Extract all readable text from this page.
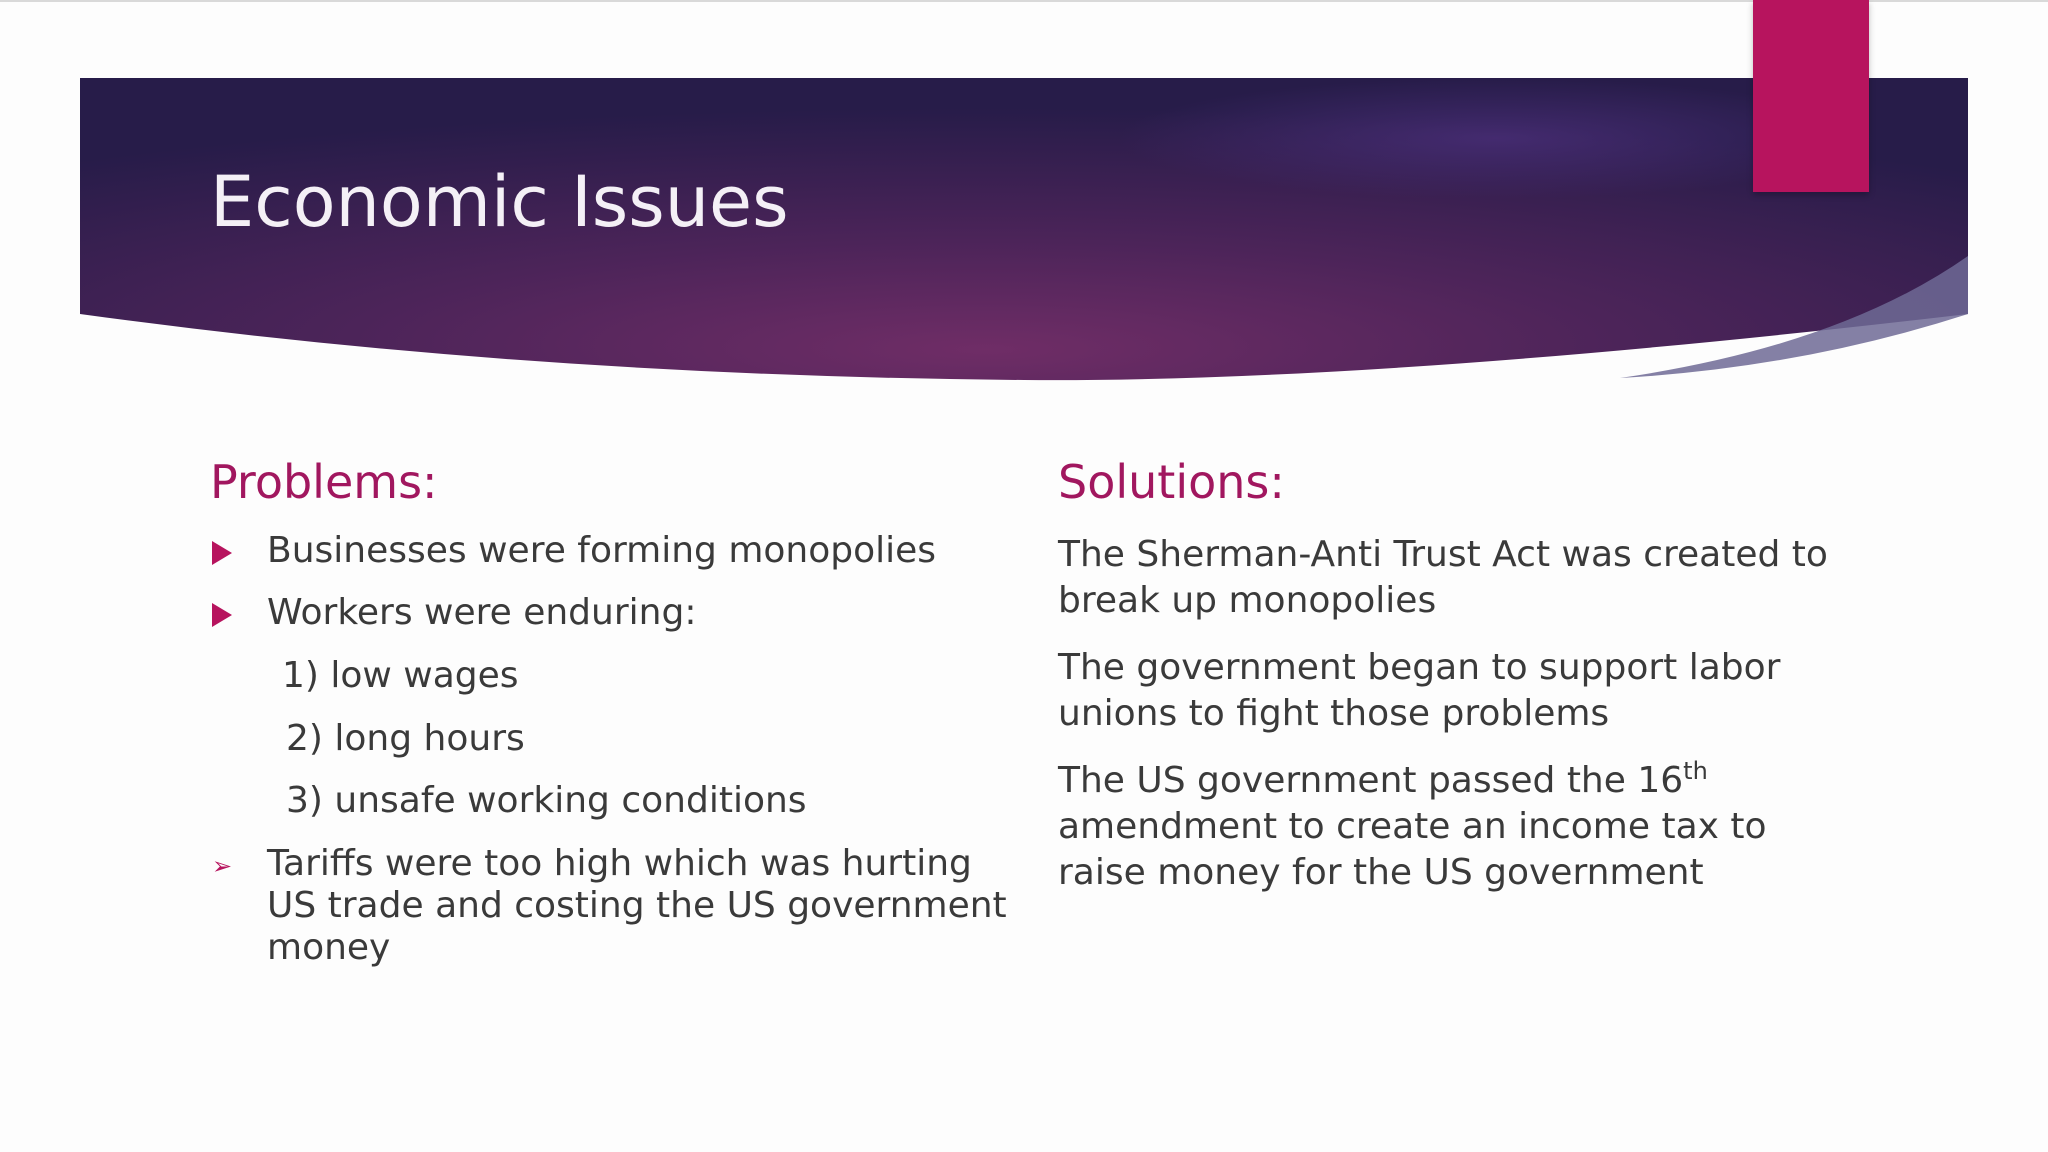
Economic Issues
Problems:
Businesses were forming monopolies
Workers were enduring:
1) low wages
2) long hours
3) unsafe working conditions
➢ Tariffs were too high which was hurting US trade and costing the US government money
Solutions:
The Sherman-Anti Trust Act was created to break up monopolies
The government began to support labor unions to fight those problems
The US government passed the 16th amendment to create an income tax to raise money for the US government
